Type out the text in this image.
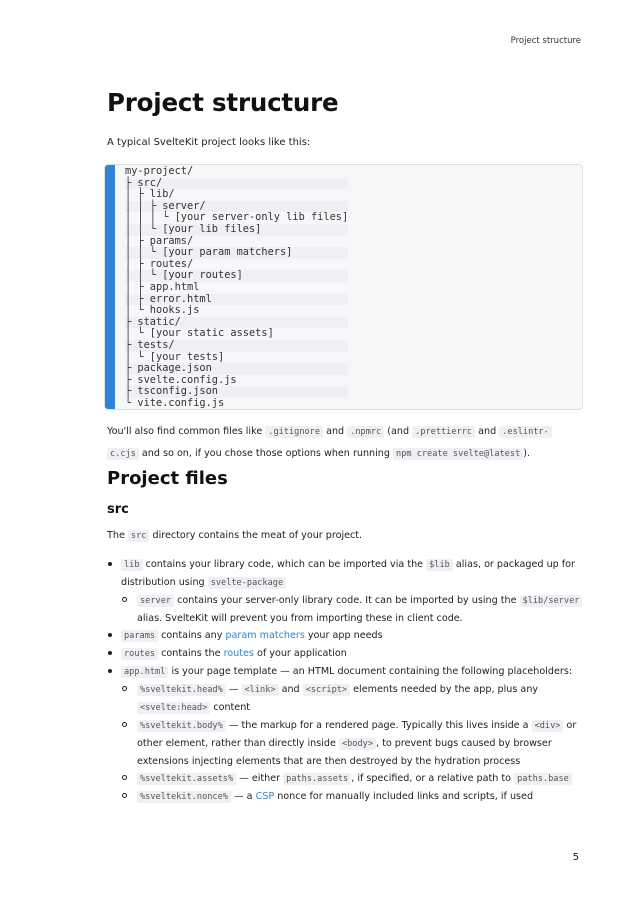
Project structure
Project structure

A typical SvelteKit project looks like this:

my-project/
├ src/
│ ├ lib/
│ │ ├ server/
│ │ │ └ [your server-only lib files]
│ │ └ [your lib files]
│ ├ params/
│ │ └ [your param matchers]
│ ├ routes/
│ │ └ [your routes]
│ ├ app.html
│ ├ error.html
│ └ hooks.js
├ static/
│ └ [your static assets]
├ tests/
│ └ [your tests]
├ package.json
├ svelte.config.js
├ tsconfig.json
└ vite.config.js

You'll also find common files like .gitignore and .npmrc (and .prettierrc and .eslintr-
c.cjs and so on, if you chose those options when running npm create svelte@latest ).

Project files
src

The src directory contains the meat of your project.

lib contains your library code, which can be imported via the $lib alias, or packaged up for distribution using svelte-package
server contains your server-only library code. It can be imported by using the $lib/server alias. SvelteKit will prevent you from importing these in client code.
params contains any param matchers your app needs
routes contains the routes of your application
app.html is your page template — an HTML document containing the following placeholders:
%sveltekit.head% — <link> and <script> elements needed by the app, plus any <svelte:head> content
%sveltekit.body% — the markup for a rendered page. Typically this lives inside a <div> or other element, rather than directly inside <body> , to prevent bugs caused by browser extensions injecting elements that are then destroyed by the hydration process
%sveltekit.assets% — either paths.assets , if specified, or a relative path to paths.base
%sveltekit.nonce% — a CSP nonce for manually included links and scripts, if used
5
